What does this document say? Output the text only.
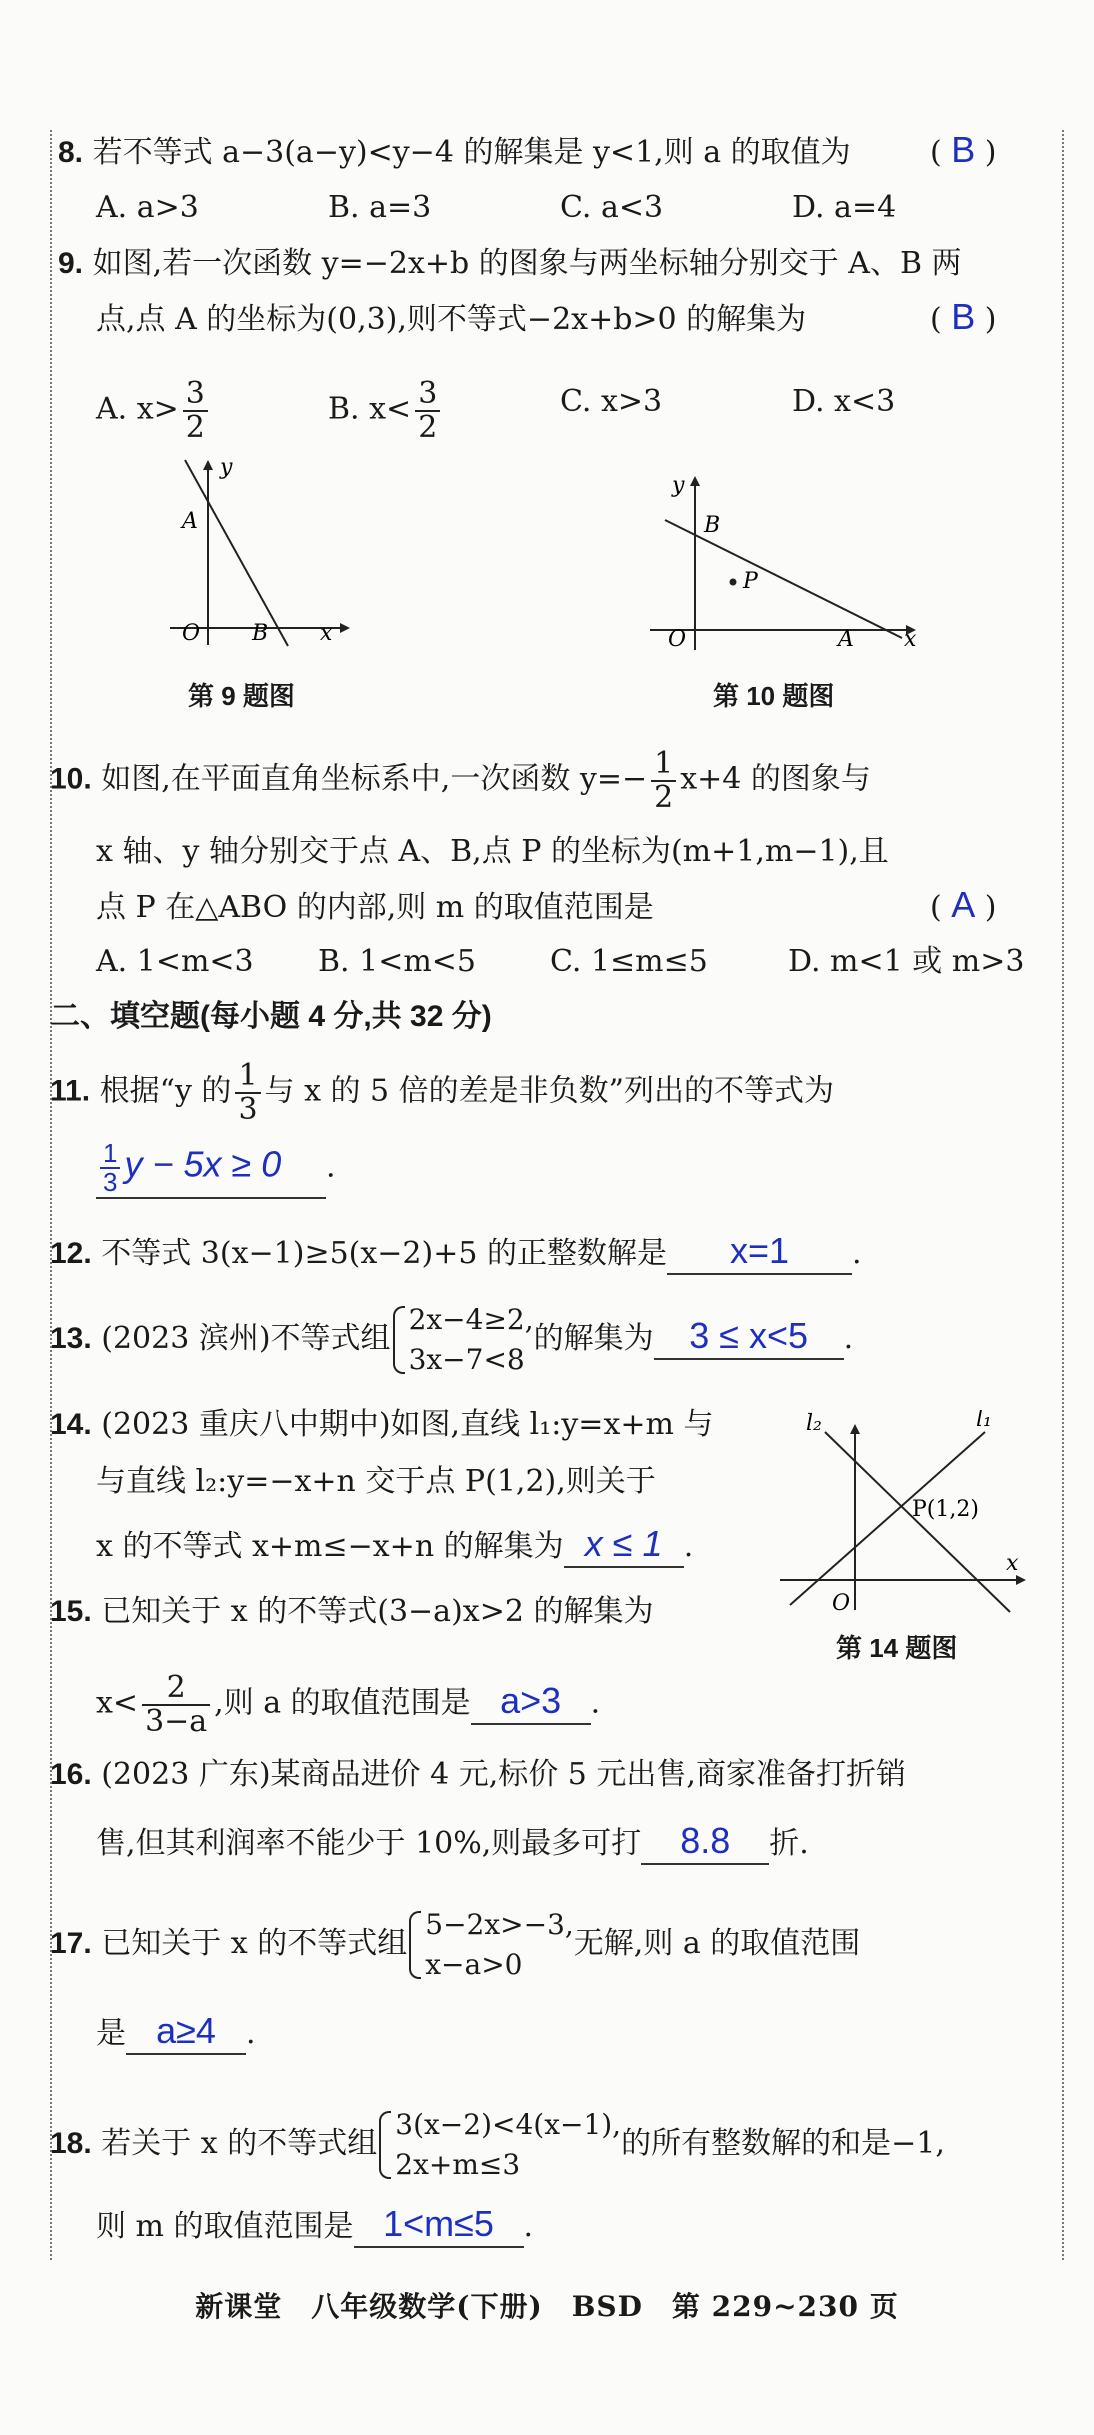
8. 若不等式 a−3(a−y)<y−4 的解集是 y<1,则 a 的取值为	( B )
A. a>3	B. a=3	C. a<3	D. a=4
9. 如图,若一次函数 y=−2x+b 的图象与两坐标轴分别交于 A、B 两
点,点 A 的坐标为(0,3),则不等式−2x+b>0 的解集为	( B )
A. $x> \frac{3}{2}$	B. $x< \frac{3}{2}$	C. x>3	D. x<3
y
A
O B x
第 9 题图
y
B
P
O	A x
第 10 题图
10. 如图,在平面直角坐标系中,一次函数 $y=- \frac{1}{2} x+4$ 的图象与
x 轴、y 轴分别交于点 A、B,点 P 的坐标为(m+1,m−1),且
点 P 在△ABO 的内部,则 m 的取值范围是	( A )
A. 1<m<3 B. 1<m<5 C. 1≤m≤5	D. m<1 或 m>3
二、填空题(每小题 4 分,共 32 分)
11. 根据“y 的 $\frac{1}{3}$ 与 x 的 5 倍的差是非负数”列出的不等式为
$\frac{1}{3}$ y − 5x ≥ 0 .
12. 不等式 3(x−1)≥5(x−2)+5 的正整数解是 x=1 .
13. (2023 滨州)不等式组
2x−4≥2,
3x−7<8
的解集为 3 ≤ x<5 .
14. (2023 重庆八中期中)如图,直线 l₁:y=x+m 与
与直线 l₂:y=−x+n 交于点 P(1,2),则关于
x 的不等式 x+m≤−x+n 的解集为 x ≤ 1 .
l₂	l₁
P(1,2)
O
x
第 14 题图
15. 已知关于 x 的不等式(3−a)x>2 的解集为
$x< \frac{2}{3-a}$ ,则 a 的取值范围是 a>3 .
16. (2023 广东)某商品进价 4 元,标价 5 元出售,商家准备打折销
售,但其利润率不能少于 10%,则最多可打 8.8 折.
17. 已知关于 x 的不等式组
5−2x>−3,
x−a>0
无解,则 a 的取值范围
是 a≥4 .
18. 若关于 x 的不等式组
3(x−2)<4(x−1),
2x+m≤3
的所有整数解的和是−1,
则 m 的取值范围是 1<m≤5 .
新课堂　八年级数学(下册)　BSD　第 229~230 页
